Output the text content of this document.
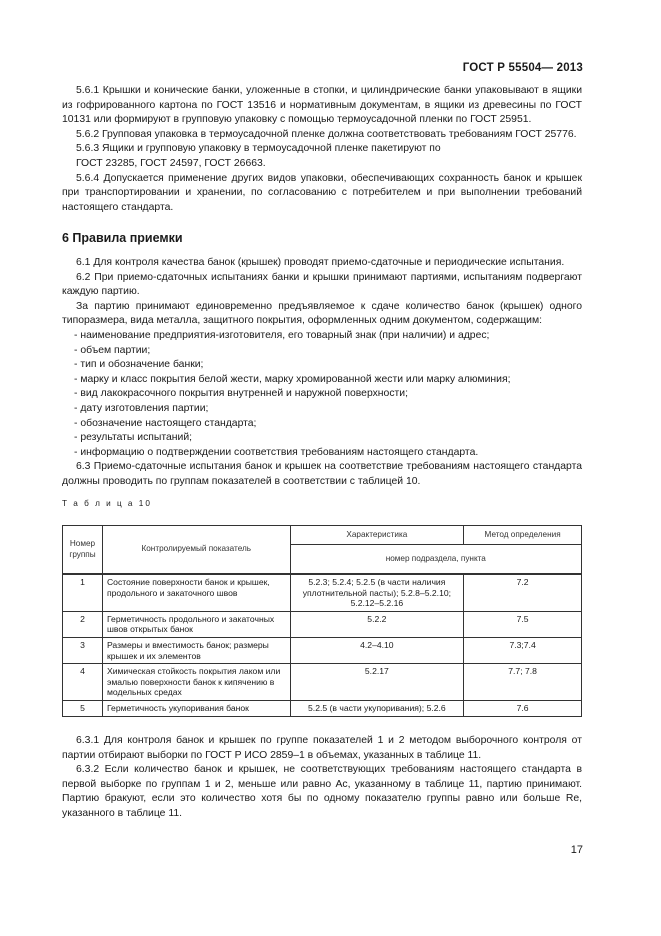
ГОСТ Р 55504— 2013

5.6.1 Крышки и конические банки, уложенные в стопки, и цилиндрические банки упаковывают в ящики из гофрированного картона по ГОСТ 13516 и нормативным документам, в ящики из древесины по ГОСТ 10131 или формируют в групповую упаковку с помощью термоусадочной пленки по ГОСТ 25951.

5.6.2 Групповая упаковка в термоусадочной пленке должна соответствовать требованиям ГОСТ 25776.

5.6.3 Ящики и групповую упаковку в термоусадочной пленке пакетируют по

ГОСТ 23285, ГОСТ 24597, ГОСТ 26663.

5.6.4 Допускается применение других видов упаковки, обеспечивающих сохранность банок и крышек при транспортировании и хранении, по согласованию с потребителем и при выполнении требований настоящего стандарта.

6 Правила приемки

6.1 Для контроля качества банок (крышек) проводят приемо-сдаточные и периодические испытания.

6.2 При приемо-сдаточных испытаниях банки и крышки принимают партиями, испытаниям подвергают каждую партию.

За партию принимают единовременно предъявляемое к сдаче количество банок (крышек) одного типоразмера, вида металла, защитного покрытия, оформленных одним документом, содержащим:

- наименование предприятия-изготовителя, его товарный знак (при наличии) и адрес;

- объем партии;

- тип и обозначение банки;

- марку и класс покрытия белой жести, марку хромированной жести или марку алюминия;

- вид лакокрасочного покрытия внутренней и наружной поверхности;

- дату изготовления партии;

- обозначение настоящего стандарта;

- результаты испытаний;

- информацию о подтверждении соответствия требованиям настоящего стандарта.

6.3 Приемо-сдаточные испытания банок и крышек на соответствие требованиям настоящего стандарта должны проводить по группам показателей в соответствии с таблицей 10.

Т а б л и ц а 10
Номер группы	Контролируемый показатель	Характеристика	Метод определения
		номер подраздела, пункта	
1	Состояние поверхности банок и крышек, продольного и закаточного швов	5.2.3; 5.2.4; 5.2.5 (в части наличия уплотнительной пасты); 5.2.8–5.2.10; 5.2.12–5.2.16	7.2
2	Герметичность продольного и закаточных швов открытых банок	5.2.2	7.5
3	Размеры и вместимость банок; размеры крышек и их элементов	4.2–4.10	7.3;7.4
4	Химическая стойкость покрытия лаком или эмалью поверхности банок к кипячению в модельных средах	5.2.17	7.7; 7.8
5	Герметичность укупоривания банок	5.2.5 (в части укупоривания); 5.2.6	7.6

6.3.1 Для контроля банок и крышек по группе показателей 1 и 2 методом выборочного контроля от партии отбирают выборки по ГОСТ Р ИСО 2859–1 в объемах, указанных в таблице 11.

6.3.2 Если количество банок и крышек, не соответствующих требованиям настоящего стандарта в первой выборке по группам 1 и 2, меньше или равно Ac, указанному в таблице 11, партию принимают. Партию бракуют, если это количество хотя бы по одному показателю группы равно или больше Re, указанного в таблице 11.

17
